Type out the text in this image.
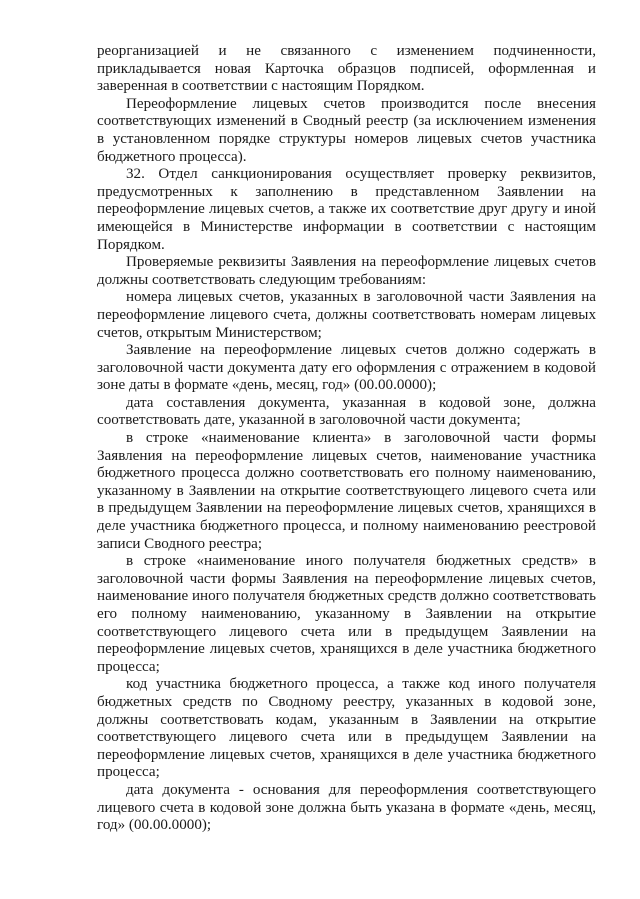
реорганизацией и не связанного с изменением подчиненности, прикладывается новая Карточка образцов подписей, оформленная и заверенная в соответствии с настоящим Порядком.

Переоформление лицевых счетов производится после внесения соответствующих изменений в Сводный реестр (за исключением изменения в установленном порядке структуры номеров лицевых счетов участника бюджетного процесса).

32. Отдел санкционирования осуществляет проверку реквизитов, предусмотренных к заполнению в представленном Заявлении на переоформление лицевых счетов, а также их соответствие друг другу и иной имеющейся в Министерстве информации в соответствии с настоящим Порядком.

Проверяемые реквизиты Заявления на переоформление лицевых счетов должны соответствовать следующим требованиям:

номера лицевых счетов, указанных в заголовочной части Заявления на переоформление лицевого счета, должны соответствовать номерам лицевых счетов, открытым Министерством;

Заявление на переоформление лицевых счетов должно содержать в заголовочной части документа дату его оформления с отражением в кодовой зоне даты в формате «день, месяц, год» (00.00.0000);

дата составления документа, указанная в кодовой зоне, должна соответствовать дате, указанной в заголовочной части документа;

в строке «наименование клиента» в заголовочной части формы Заявления на переоформление лицевых счетов, наименование участника бюджетного процесса должно соответствовать его полному наименованию, указанному в Заявлении на открытие соответствующего лицевого счета или в предыдущем Заявлении на переоформление лицевых счетов, хранящихся в деле участника бюджетного процесса, и полному наименованию реестровой записи Сводного реестра;

в строке «наименование иного получателя бюджетных средств» в заголовочной части формы Заявления на переоформление лицевых счетов, наименование иного получателя бюджетных средств должно соответствовать его полному наименованию, указанному в Заявлении на открытие соответствующего лицевого счета или в предыдущем Заявлении на переоформление лицевых счетов, хранящихся в деле участника бюджетного процесса;

код участника бюджетного процесса, а также код иного получателя бюджетных средств по Сводному реестру, указанных в кодовой зоне, должны соответствовать кодам, указанным в Заявлении на открытие соответствующего лицевого счета или в предыдущем Заявлении на переоформление лицевых счетов, хранящихся в деле участника бюджетного процесса;

дата документа - основания для переоформления соответствующего лицевого счета в кодовой зоне должна быть указана в формате «день, месяц, год» (00.00.0000);
